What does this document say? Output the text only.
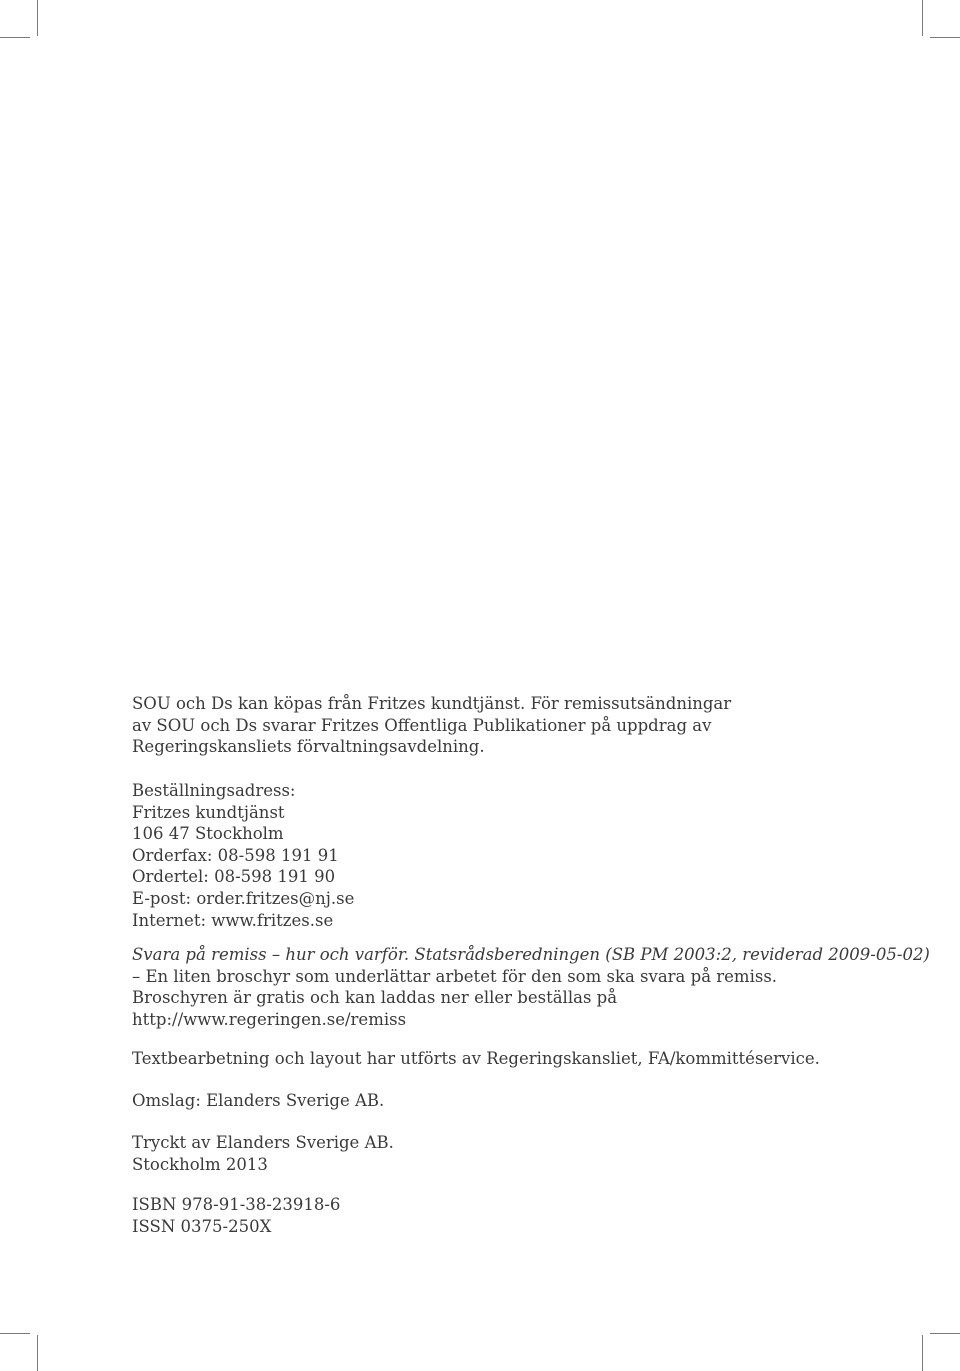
SOU och Ds kan köpas från Fritzes kundtjänst. För remissutsändningar

av SOU och Ds svarar Fritzes Offentliga Publikationer på uppdrag av

Regeringskansliets förvaltningsavdelning.

Beställningsadress:

Fritzes kundtjänst

106 47 Stockholm

Orderfax: 08-598 191 91

Ordertel: 08-598 191 90

E-post: order.fritzes@nj.se

Internet: www.fritzes.se

Svara på remiss – hur och varför. Statsrådsberedningen (SB PM 2003:2, reviderad 2009-05-02)

– En liten broschyr som underlättar arbetet för den som ska svara på remiss.

Broschyren är gratis och kan laddas ner eller beställas på

http://www.regeringen.se/remiss

Textbearbetning och layout har utförts av Regeringskansliet, FA/kommittéservice.

Omslag: Elanders Sverige AB.

Tryckt av Elanders Sverige AB.

Stockholm 2013

ISBN 978-91-38-23918-6

ISSN 0375-250X
